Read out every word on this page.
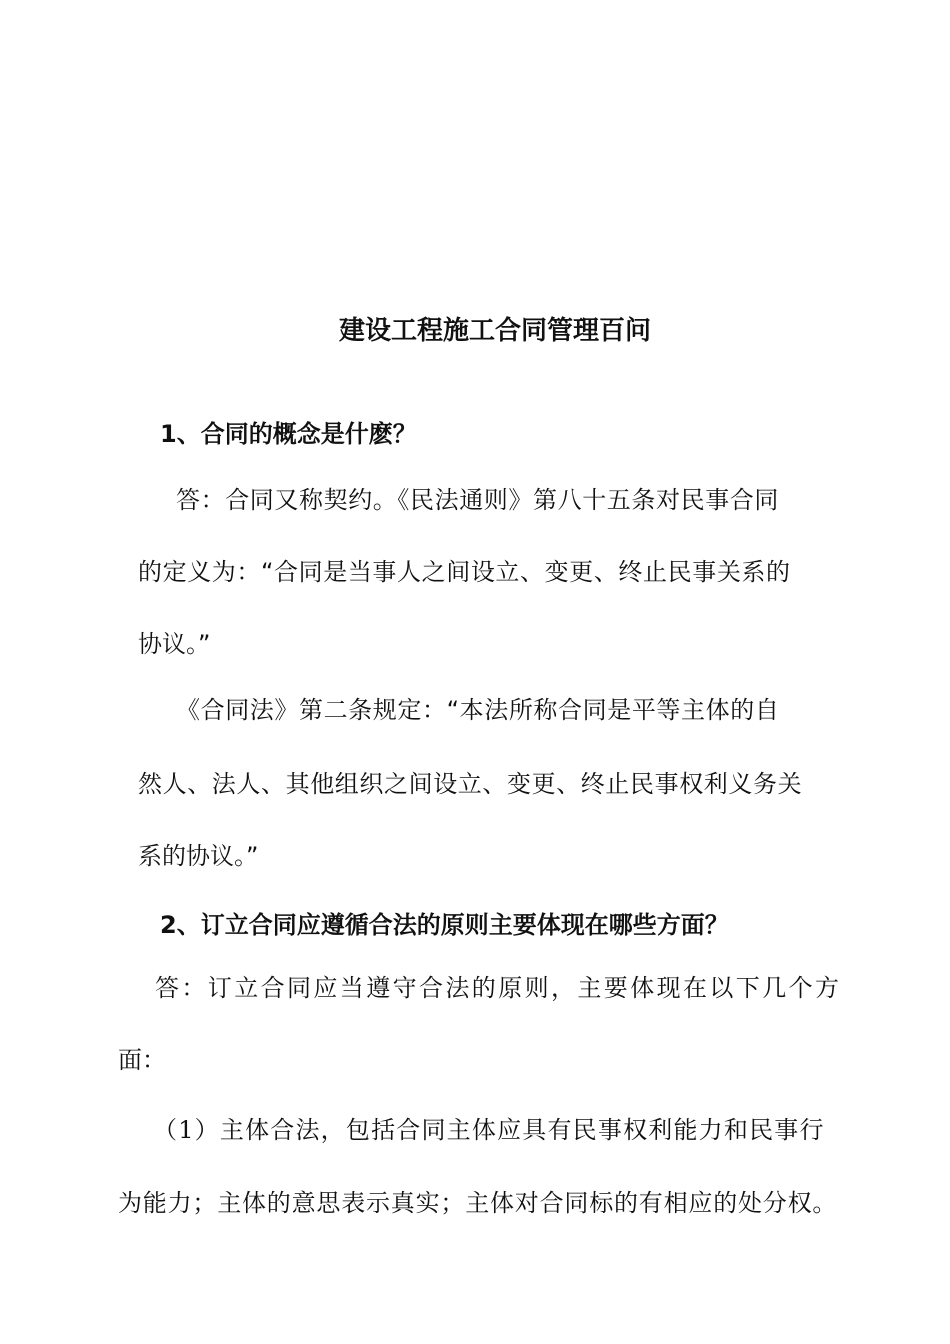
建设工程施工合同管理百问
1、合同的概念是什麽？
答：合同又称契约。《民法通则》第八十五条对民事合同
的定义为：“合同是当事人之间设立、变更、终止民事关系的
协议。”
《合同法》第二条规定：“本法所称合同是平等主体的自
然人、法人、其他组织之间设立、变更、终止民事权利义务关
系的协议。”
2、订立合同应遵循合法的原则主要体现在哪些方面？
答：订立合同应当遵守合法的原则，主要体现在以下几个方
面：
（1）主体合法，包括合同主体应具有民事权利能力和民事行
为能力；主体的意思表示真实；主体对合同标的有相应的处分权。
